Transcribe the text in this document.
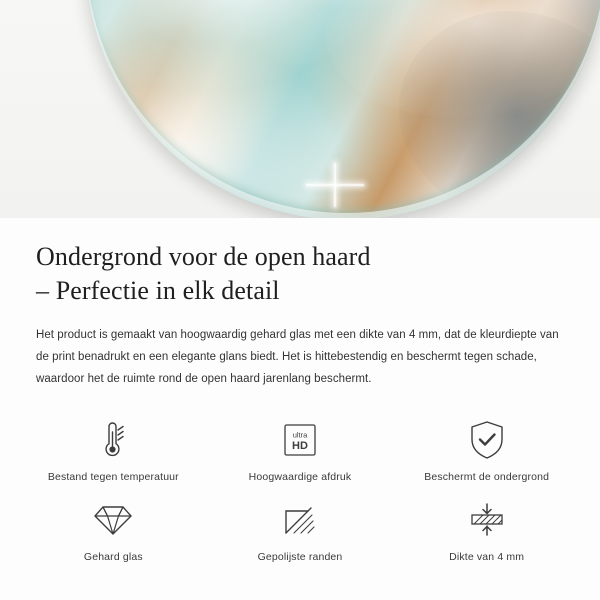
Ondergrond voor de open haard
– Perfectie in elk detail

Het product is gemaakt van hoogwaardig gehard glas met een dikte van 4 mm, dat de kleurdiepte van de print benadrukt en een elegante glans biedt. Het is hittebestendig en beschermt tegen schade, waardoor het de ruimte rond de open haard jarenlang beschermt.

Bestand tegen temperatuur
ultra
HD
Hoogwaardige afdruk	Beschermt de ondergrond
Gehard glas	Gepolijste randen	Dikte van 4 mm
